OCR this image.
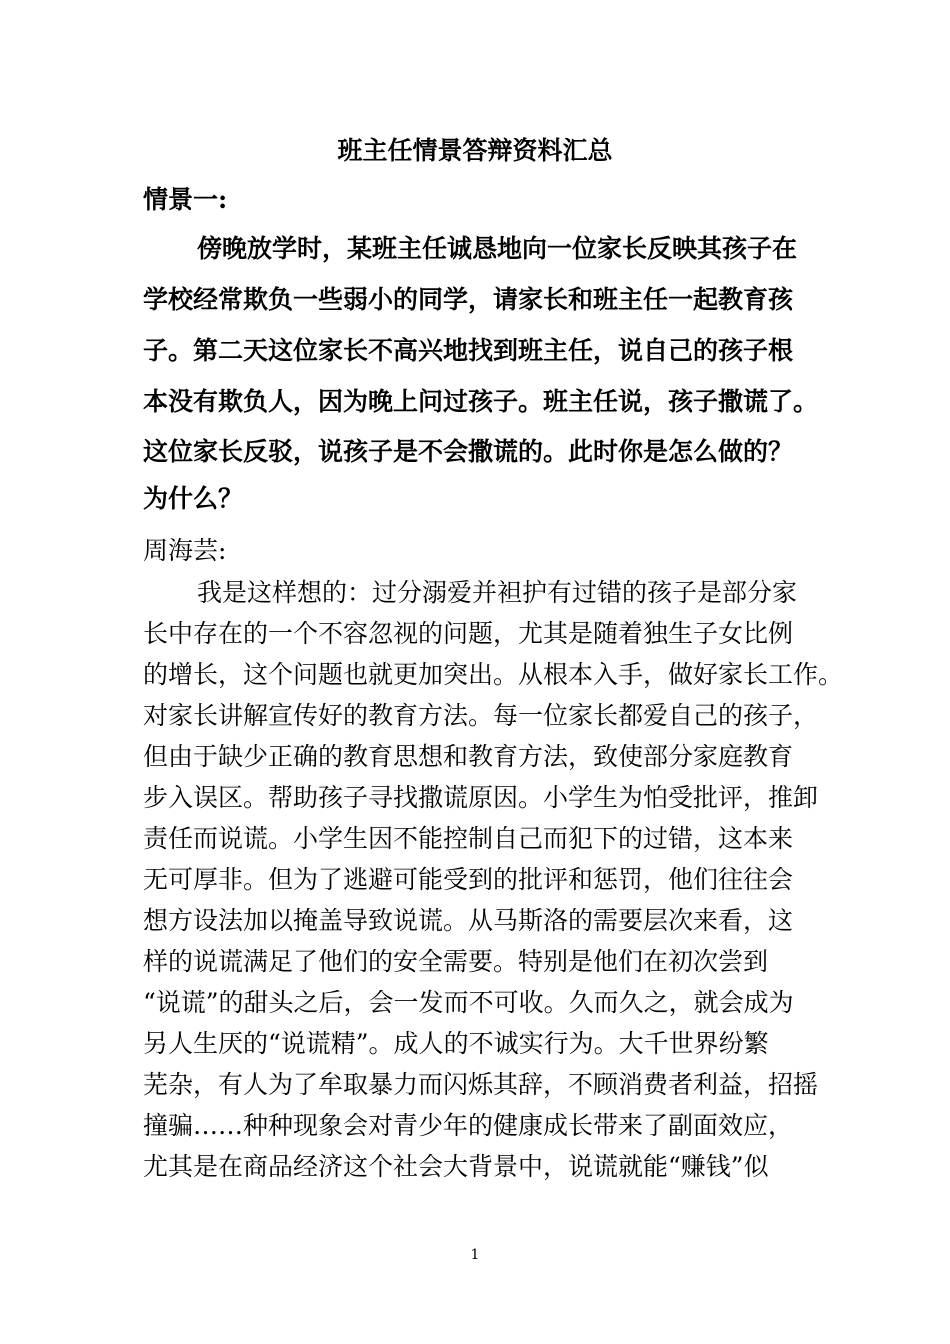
班主任情景答辩资料汇总
情景一:
傍晚放学时，某班主任诚恳地向一位家长反映其孩子在
学校经常欺负一些弱小的同学，请家长和班主任一起教育孩
子。第二天这位家长不高兴地找到班主任，说自己的孩子根
本没有欺负人，因为晚上问过孩子。班主任说，孩子撒谎了。
这位家长反驳，说孩子是不会撒谎的。此时你是怎么做的？
为什么？
周海芸:
我是这样想的：过分溺爱并袒护有过错的孩子是部分家
长中存在的一个不容忽视的问题，尤其是随着独生子女比例
的增长，这个问题也就更加突出。从根本入手，做好家长工作。
对家长讲解宣传好的教育方法。每一位家长都爱自己的孩子，
但由于缺少正确的教育思想和教育方法，致使部分家庭教育
步入误区。帮助孩子寻找撒谎原因。小学生为怕受批评，推卸
责任而说谎。小学生因不能控制自己而犯下的过错，这本来
无可厚非。但为了逃避可能受到的批评和惩罚，他们往往会
想方设法加以掩盖导致说谎。从马斯洛的需要层次来看，这
样的说谎满足了他们的安全需要。特别是他们在初次尝到
“说谎”的甜头之后，会一发而不可收。久而久之，就会成为
另人生厌的“说谎精”。成人的不诚实行为。大千世界纷繁
芜杂，有人为了牟取暴力而闪烁其辞，不顾消费者利益，招摇
撞骗……种种现象会对青少年的健康成长带来了副面效应，
尤其是在商品经济这个社会大背景中，说谎就能“赚钱”似
1
